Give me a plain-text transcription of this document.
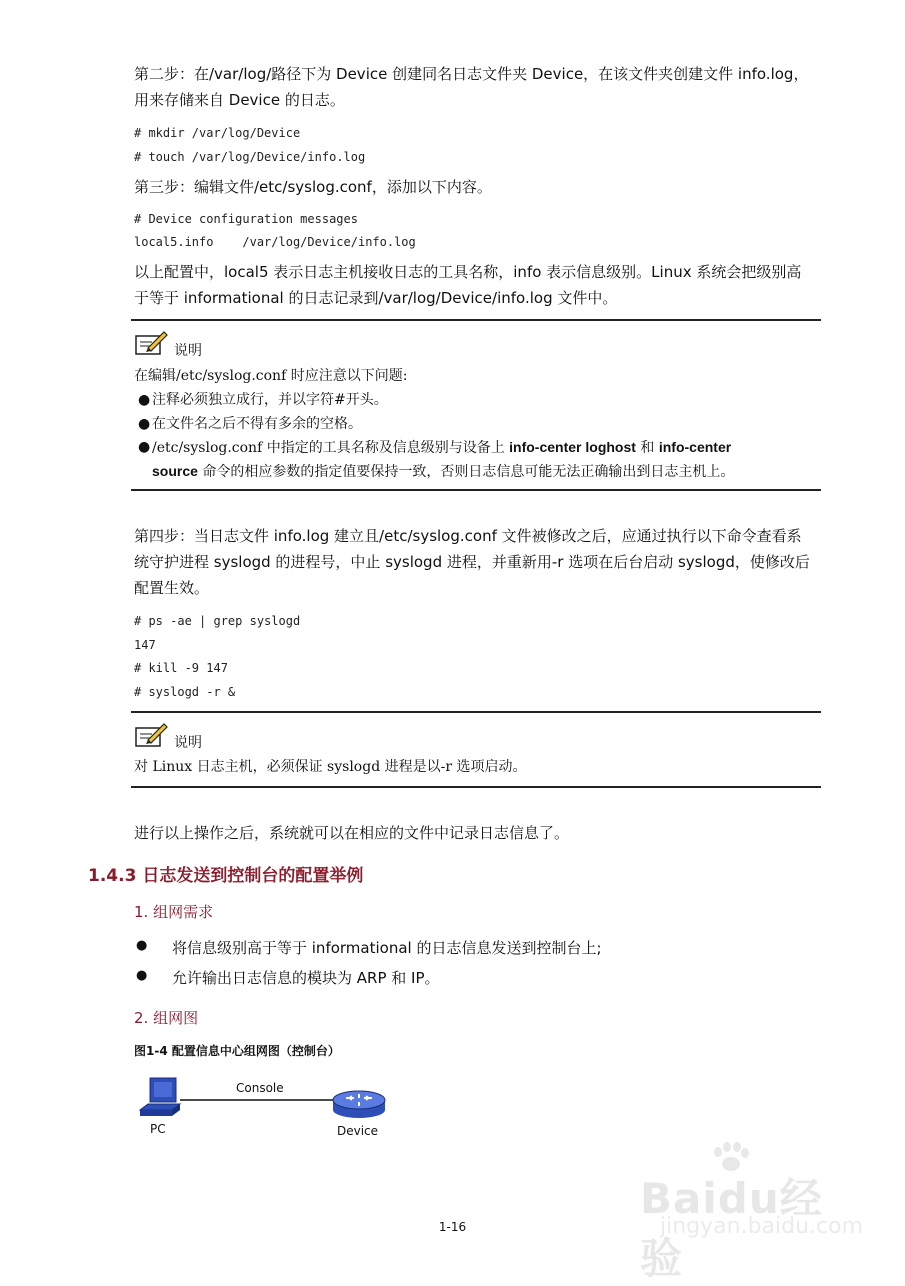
第二步：在/var/log/路径下为 Device 创建同名日志文件夹 Device，在该文件夹创建文件 info.log，

用来存储来自 Device 的日志。

# mkdir /var/log/Device
# touch /var/log/Device/info.log

第三步：编辑文件/etc/syslog.conf，添加以下内容。

# Device configuration messages
local5.info    /var/log/Device/info.log

以上配置中，local5 表示日志主机接收日志的工具名称，info 表示信息级别。Linux 系统会把级别高

于等于 informational 的日志记录到/var/log/Device/info.log 文件中。

说明

在编辑/etc/syslog.conf 时应注意以下问题:

● 注释必须独立成行，并以字符#开头。
● 在文件名之后不得有多余的空格。
● /etc/syslog.conf 中指定的工具名称及信息级别与设备上 info-center loghost 和 info-center
source 命令的相应参数的指定值要保持一致，否则日志信息可能无法正确输出到日志主机上。

第四步：当日志文件 info.log 建立且/etc/syslog.conf 文件被修改之后，应通过执行以下命令查看系

统守护进程 syslogd 的进程号，中止 syslogd 进程，并重新用-r 选项在后台启动 syslogd，使修改后

配置生效。

# ps -ae | grep syslogd
147
# kill -9 147
# syslogd -r &
说明

对 Linux 日志主机，必须保证 syslogd 进程是以-r 选项启动。

进行以上操作之后，系统就可以在相应的文件中记录日志信息了。

1.4.3 日志发送到控制台的配置举例
1. 组网需求
● 将信息级别高于等于 informational 的日志信息发送到控制台上;
● 允许输出日志信息的模块为 ARP 和 IP。
2. 组网图
图1-4 配置信息中心组网图（控制台）
PC
Console
Device
1-16
Baidu经验
jingyan.baidu.com
